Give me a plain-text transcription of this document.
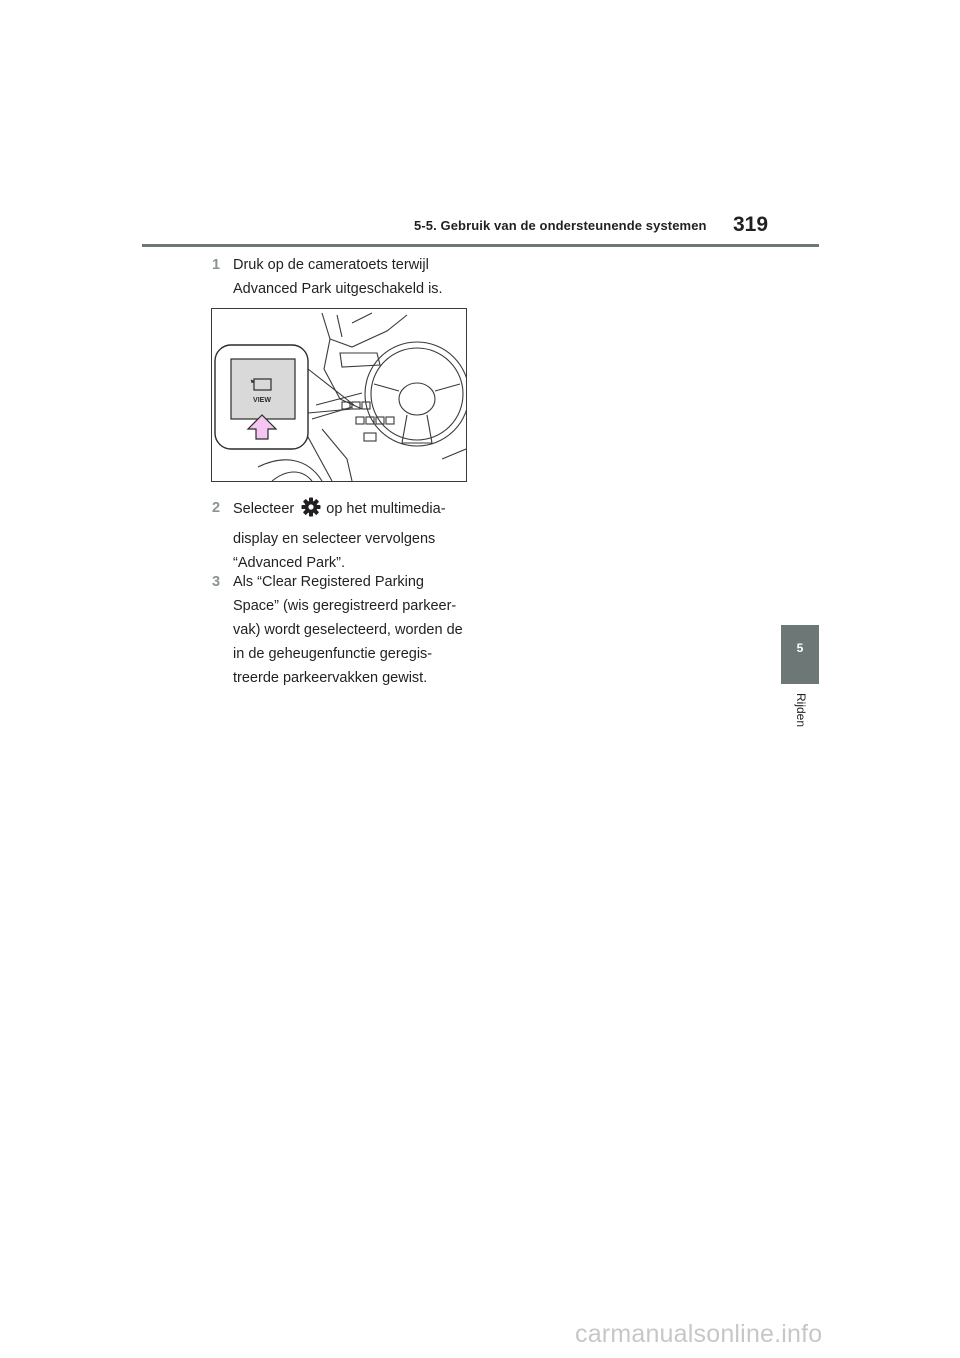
5-5. Gebruik van de ondersteunende systemen 319
1 Druk op de cameratoets terwijl Advanced Park uitgeschakeld is.
VIEW
2 Selecteer op het multimedia-
display en selecteer vervolgens “Advanced Park”.
3 Als “Clear Registered Parking Space” (wis geregistreerd parkeer-vak) wordt geselecteerd, worden de in de geheugenfunctie geregis-treerde parkeervakken gewist.
5
Rijden
carmanualsonline.info
